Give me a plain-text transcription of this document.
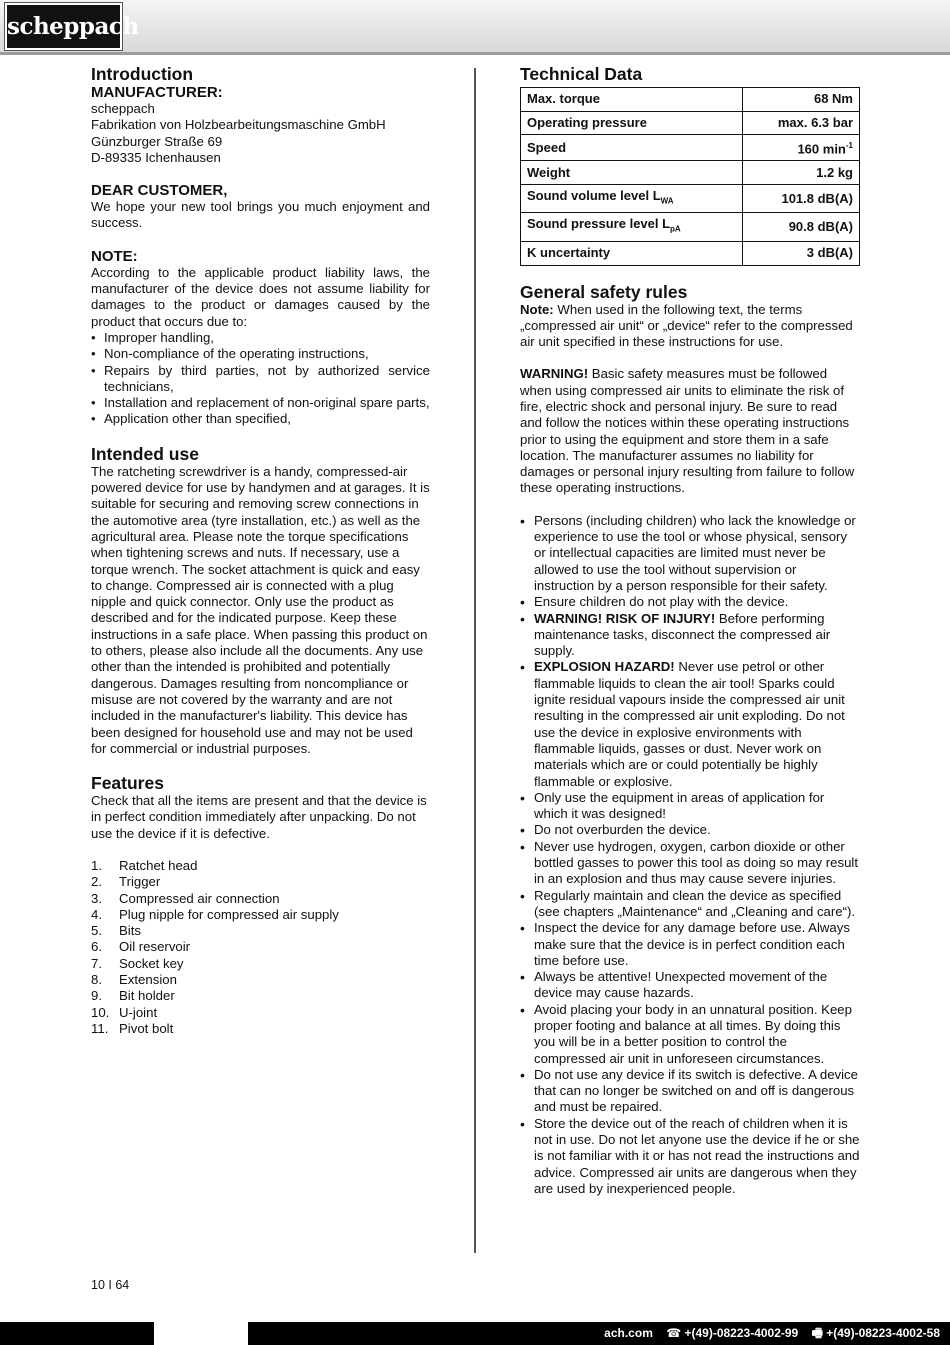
scheppach
Introduction
MANUFACTURER:

scheppach

Fabrikation von Holzbearbeitungsmaschine GmbH

Günzburger Straße 69

D-89335 Ichenhausen

DEAR CUSTOMER,

We hope your new tool brings you much enjoyment and success.

NOTE:

According to the applicable product liability laws, the manufacturer of the device does not assume liability for damages to the product or damages caused by the product that occurs due to:

• Improper handling,
• Non-compliance of the operating instructions,
• Repairs by third parties, not by authorized service technicians,
• Installation and replacement of non-original spare parts,
• Application other than specified,
Intended use

The ratcheting screwdriver is a handy, compressed-air powered device for use by handymen and at garages. It is suitable for securing and removing screw connections in the automotive area (tyre installation, etc.) as well as the agricultural area. Please note the torque specifications when tightening screws and nuts. If necessary, use a torque wrench. The socket attachment is quick and easy to change. Compressed air is connected with a plug nipple and quick connector. Only use the product as described and for the indicated purpose. Keep these instructions in a safe place. When passing this product on to others, please also include all the documents. Any use other than the intended is prohibited and potentially dangerous. Damages resulting from noncompliance or misuse are not covered by the warranty and are not included in the manufacturer's liability. This device has been designed for household use and may not be used for commercial or industrial purposes.

Features

Check that all the items are present and that the device is in perfect condition immediately after unpacking. Do not use the device if it is defective.

1.	Ratchet head
2.	Trigger
3.	Compressed air connection
4.	Plug nipple for compressed air supply
5.	Bits
6.	Oil reservoir
7.	Socket key
8.	Extension
9.	Bit holder
10. U-joint
11. Pivot bolt
Technical Data
Max. torque	68 Nm
Operating pressure	max. 6.3 bar
Speed	160 $\min^{-1}$
Weight	1.2 kg
Sound volume level $L_{WA}$	101.8 dB(A)
Sound pressure level $L_{pA}$	90.8 dB(A)
K uncertainty	3 dB(A)
General safety rules

Note: When used in the following text, the terms „compressed air unit“ or „device“ refer to the compressed air unit specified in these instructions for use.

WARNING! Basic safety measures must be followed when using compressed air units to eliminate the risk of fire, electric shock and personal injury. Be sure to read and follow the notices within these operating instructions prior to using the equipment and store them in a safe location. The manufacturer assumes no liability for damages or personal injury resulting from failure to follow these operating instructions.

• Persons (including children) who lack the knowledge or experience to use the tool or whose physical, sensory or intellectual capacities are limited must never be allowed to use the tool without supervision or instruction by a person responsible for their safety.
• Ensure children do not play with the device.
• WARNING! RISK OF INJURY! Before performing maintenance tasks, disconnect the compressed air supply.
• EXPLOSION HAZARD! Never use petrol or other flammable liquids to clean the air tool! Sparks could ignite residual vapours inside the compressed air unit resulting in the compressed air unit exploding. Do not use the device in explosive environments with flammable liquids, gasses or dust. Never work on materials which are or could potentially be highly flammable or explosive.
• Only use the equipment in areas of application for which it was designed!
• Do not overburden the device.
• Never use hydrogen, oxygen, carbon dioxide or other bottled gasses to power this tool as doing so may result in an explosion and thus may cause severe injuries.
• Regularly maintain and clean the device as specified (see chapters „Maintenance“ and „Cleaning and care“).
• Inspect the device for any damage before use. Always make sure that the device is in perfect condition each time before use.
• Always be attentive! Unexpected movement of the device may cause hazards.
• Avoid placing your body in an unnatural position. Keep proper footing and balance at all times. By doing this you will be in a better position to control the compressed air unit in unforeseen circumstances.
• Do not use any device if its switch is defective. A device that can no longer be switched on and off is dangerous and must be repaired.
• Store the device out of the reach of children when it is not in use. Do not let anyone use the device if he or she is not familiar with it or has not read the instructions and advice. Compressed air units are dangerous when they are used by inexperienced people.
10 I 64
ach.com ☎ +(49)-08223-4002-99 🖷 +(49)-08223-4002-58
